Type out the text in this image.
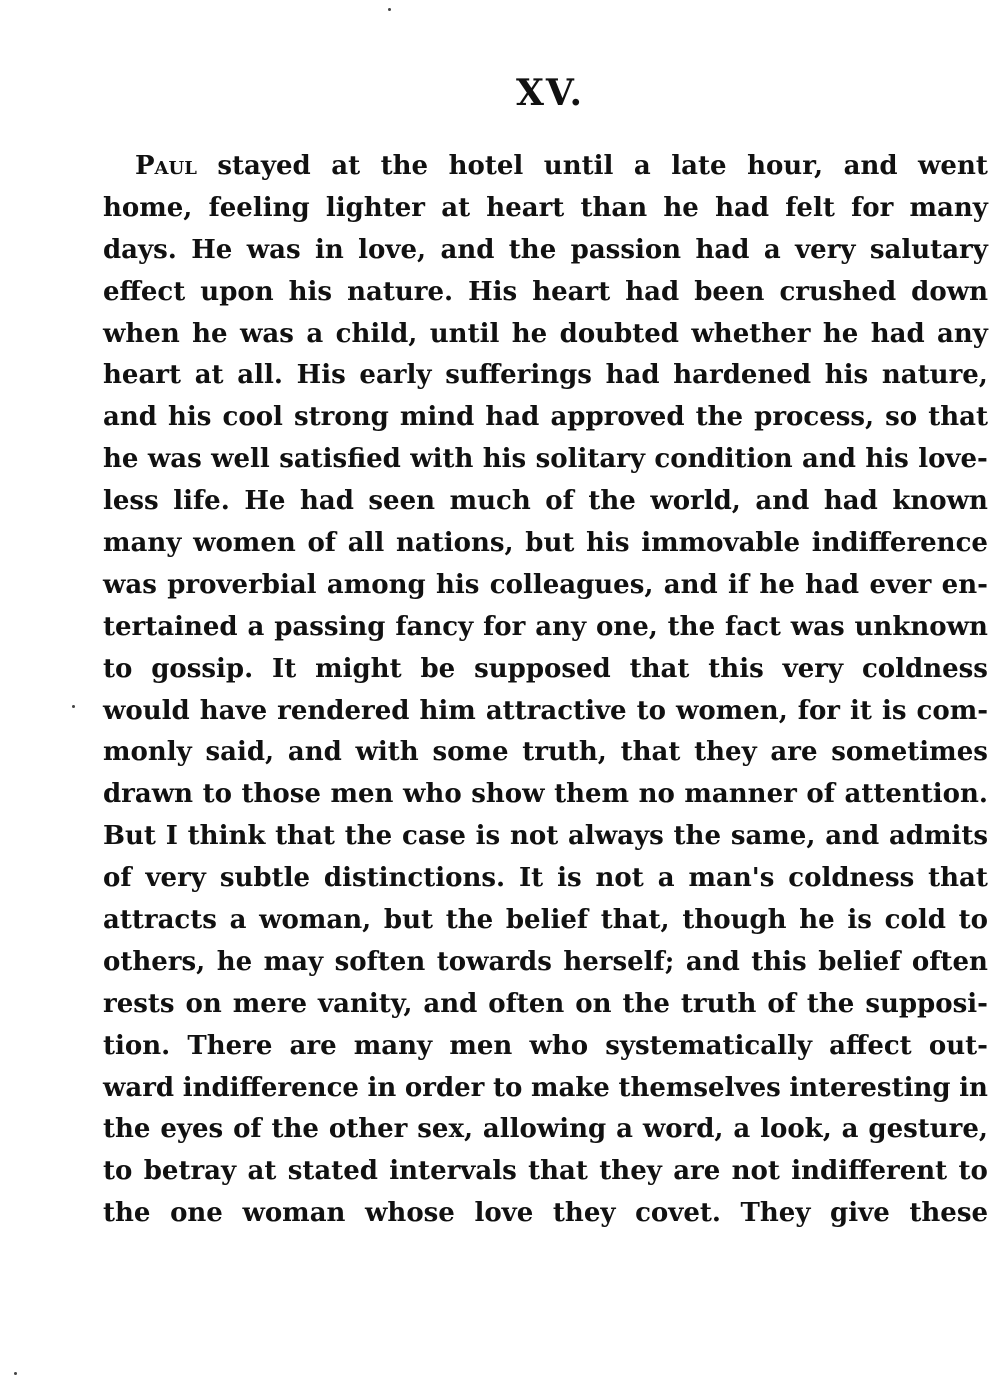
XV.
Paul stayed at the hotel until a late hour, and went
home, feeling lighter at heart than he had felt for many
days. He was in love, and the passion had a very salutary
effect upon his nature. His heart had been crushed down
when he was a child, until he doubted whether he had any
heart at all. His early sufferings had hardened his nature,
and his cool strong mind had approved the process, so that
he was well satisfied with his solitary condition and his love-
less life. He had seen much of the world, and had known
many women of all nations, but his immovable indifference
was proverbial among his colleagues, and if he had ever en-
tertained a passing fancy for any one, the fact was unknown
to gossip. It might be supposed that this very coldness
would have rendered him attractive to women, for it is com-
monly said, and with some truth, that they are sometimes
drawn to those men who show them no manner of attention.
But I think that the case is not always the same, and admits
of very subtle distinctions. It is not a man's coldness that
attracts a woman, but the belief that, though he is cold to
others, he may soften towards herself; and this belief often
rests on mere vanity, and often on the truth of the supposi-
tion. There are many men who systematically affect out-
ward indifference in order to make themselves interesting in
the eyes of the other sex, allowing a word, a look, a gesture,
to betray at stated intervals that they are not indifferent to
the one woman whose love they covet. They give these
